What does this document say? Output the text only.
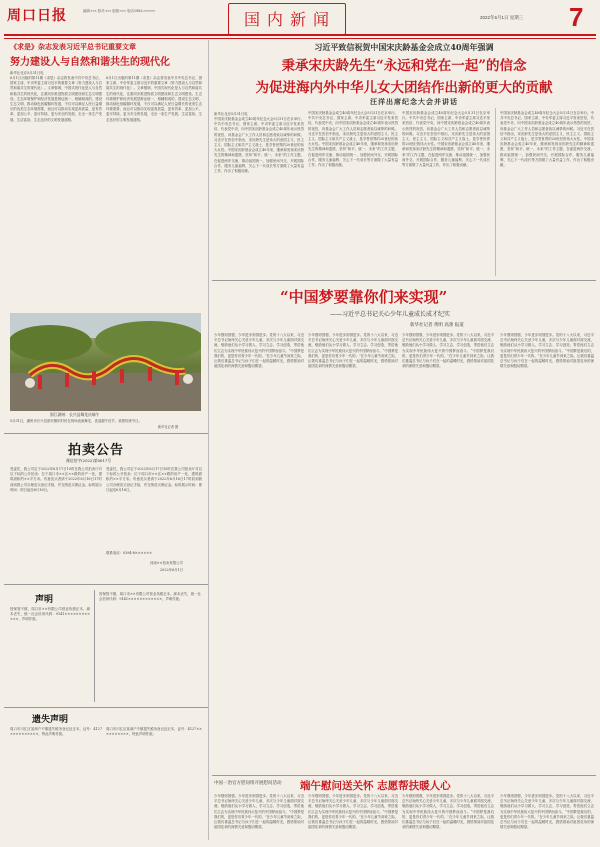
周口日报	编辑:××× 校对:××× 组版:××× 电话:0394-××××××	国内新闻	2022年6月1日 星期三 7
《求是》杂志发表习近平总书记重要文章
努力建设人与自然和谐共生的现代化
新华社北京5月31日电
6月1日出版的第11期《求是》杂志将发表中共中央总书记、国家主席、中央军委主席习近平的重要文章《努力建设人与自然和谐共生的现代化》。文章强调，中国式现代化是人与自然和谐共生的现代化，注重同步推进物质文明建设和生态文明建设。生态环境保护和经济发展是辩证统一、相辅相成的，建设生态文明、推动绿色低碳循环发展，不仅可以满足人民日益增长的优美生态环境需要，而且可以推动实现更高质量、更有效率、更加公平、更可持续、更为安全的发展，走出一条生产发展、生活富裕、生态良好的文明发展道路。
6月1日出版的第11期《求是》杂志将发表中共中央总书记、国家主席、中央军委主席习近平的重要文章《努力建设人与自然和谐共生的现代化》。文章强调，中国式现代化是人与自然和谐共生的现代化，注重同步推进物质文明建设和生态文明建设。生态环境保护和经济发展是辩证统一、相辅相成的，建设生态文明、推动绿色低碳循环发展，不仅可以满足人民日益增长的优美生态环境需要，而且可以推动实现更高质量、更有效率、更加公平、更可持续、更为安全的发展，走出一条生产发展、生活富裕、生态良好的文明发展道路。
浙江湖州：长兴县舞龙庆端午
5月31日，湖州市长兴县泗安镇的村民在现场表演舞龙，喜迎端午佳节，欢度传统节日。
新华社记者 摄
拍卖公告
豫信拍字(2022)第0617号
受委托，我公司定于2022年6月17日10时在我公司拍卖厅对以下标的公开拍卖：位于周口市××区××路的房产一处，建筑面积约××平方米。有意竞买者请于2022年6月16日17时前到我公司办理竞买登记手续，并交纳竞买保证金。标的展示时间：即日起至6月16日。
受委托，我公司定于2022年6月17日10时在我公司拍卖厅对以下标的公开拍卖：位于周口市××区××路的房产一处，建筑面积约××平方米。有意竞买者请于2022年6月16日17时前到我公司办理竞买登记手续，并交纳竞买保证金。标的展示时间：即日起至6月16日。
联系电话：0394-8××××××
河南××拍卖有限公司
2022年6月1日
声明
因保管不慎，周口市××有限公司营业执照正本、副本丢失，统一社会信用代码：9141××××××××××××，声明作废。
因保管不慎，周口市××有限公司营业执照正本、副本丢失，统一社会信用代码：9141××××××××××××，声明作废。
遗失声明
周口市川汇区某商户不慎遗失税务登记证正本，证号：4127××××××××××，特此声明作废。
周口市川汇区某商户不慎遗失税务登记证正本，证号：4127××××××××××，特此声明作废。
习近平致信祝贺中国宋庆龄基金会成立40周年强调
秉承宋庆龄先生“永远和党在一起”的信念
为促进海内外中华儿女大团结作出新的更大的贡献
汪洋出席纪念大会并讲话
新华社北京5月31日电
中国宋庆龄基金会成立40周年纪念大会5月31日在京举行。中共中央总书记、国家主席、中央军委主席习近平发来贺信，代表党中央，向中国宋庆龄基金会成立40周年表示热烈的祝贺，向基金会广大工作人员和志愿者致以诚挚的问候。习近平在贺信中指出，宋庆龄先生是伟大的爱国主义、民主主义、国际主义和共产主义战士，是享誉世界的20世纪的伟大女性。中国宋庆龄基金会成立40年来，继承和发扬宋庆龄先生的精神和遗愿，坚持“和平、统一、未来”的工作主题，在促进两岸交流、推动祖国统一，加强民间外交、开展国际合作，服务儿童福利、关心下一代成长等方面做了大量有益工作，作出了积极贡献。
中国宋庆龄基金会成立40周年纪念大会5月31日在京举行。中共中央总书记、国家主席、中央军委主席习近平发来贺信，代表党中央，向中国宋庆龄基金会成立40周年表示热烈的祝贺，向基金会广大工作人员和志愿者致以诚挚的问候。习近平在贺信中指出，宋庆龄先生是伟大的爱国主义、民主主义、国际主义和共产主义战士，是享誉世界的20世纪的伟大女性。中国宋庆龄基金会成立40年来，继承和发扬宋庆龄先生的精神和遗愿，坚持“和平、统一、未来”的工作主题，在促进两岸交流、推动祖国统一，加强民间外交、开展国际合作，服务儿童福利、关心下一代成长等方面做了大量有益工作，作出了积极贡献。
中国宋庆龄基金会成立40周年纪念大会5月31日在京举行。中共中央总书记、国家主席、中央军委主席习近平发来贺信，代表党中央，向中国宋庆龄基金会成立40周年表示热烈的祝贺，向基金会广大工作人员和志愿者致以诚挚的问候。习近平在贺信中指出，宋庆龄先生是伟大的爱国主义、民主主义、国际主义和共产主义战士，是享誉世界的20世纪的伟大女性。中国宋庆龄基金会成立40年来，继承和发扬宋庆龄先生的精神和遗愿，坚持“和平、统一、未来”的工作主题，在促进两岸交流、推动祖国统一，加强民间外交、开展国际合作，服务儿童福利、关心下一代成长等方面做了大量有益工作，作出了积极贡献。
中国宋庆龄基金会成立40周年纪念大会5月31日在京举行。中共中央总书记、国家主席、中央军委主席习近平发来贺信，代表党中央，向中国宋庆龄基金会成立40周年表示热烈的祝贺，向基金会广大工作人员和志愿者致以诚挚的问候。习近平在贺信中指出，宋庆龄先生是伟大的爱国主义、民主主义、国际主义和共产主义战士，是享誉世界的20世纪的伟大女性。中国宋庆龄基金会成立40年来，继承和发扬宋庆龄先生的精神和遗愿，坚持“和平、统一、未来”的工作主题，在促进两岸交流、推动祖国统一，加强民间外交、开展国际合作，服务儿童福利、关心下一代成长等方面做了大量有益工作，作出了积极贡献。
“中国梦要靠你们来实现”
——习近平总书记关心少年儿童成长成才纪实
新华社记者 黄明 高蕾 报道
少年强则国强，少年进步则国进步。党的十八大以来，习近平总书记始终关心关爱少年儿童，多次与少年儿童面对面交流，勉励他们从小学习做人、学习立志、学习创造，寄语他们立志为实现中华民族伟大复兴的中国梦而奋斗。“中国梦是我们的，更是你们青少年一代的。”在少年儿童节到来之际，让我们重温总书记与孩子们在一起的温暖时光，感悟领袖对祖国花朵的深情关爱和殷切期望。
少年强则国强，少年进步则国进步。党的十八大以来，习近平总书记始终关心关爱少年儿童，多次与少年儿童面对面交流，勉励他们从小学习做人、学习立志、学习创造，寄语他们立志为实现中华民族伟大复兴的中国梦而奋斗。“中国梦是我们的，更是你们青少年一代的。”在少年儿童节到来之际，让我们重温总书记与孩子们在一起的温暖时光，感悟领袖对祖国花朵的深情关爱和殷切期望。
少年强则国强，少年进步则国进步。党的十八大以来，习近平总书记始终关心关爱少年儿童，多次与少年儿童面对面交流，勉励他们从小学习做人、学习立志、学习创造，寄语他们立志为实现中华民族伟大复兴的中国梦而奋斗。“中国梦是我们的，更是你们青少年一代的。”在少年儿童节到来之际，让我们重温总书记与孩子们在一起的温暖时光，感悟领袖对祖国花朵的深情关爱和殷切期望。
少年强则国强，少年进步则国进步。党的十八大以来，习近平总书记始终关心关爱少年儿童，多次与少年儿童面对面交流，勉励他们从小学习做人、学习立志、学习创造，寄语他们立志为实现中华民族伟大复兴的中国梦而奋斗。“中国梦是我们的，更是你们青少年一代的。”在少年儿童节到来之际，让我们重温总书记与孩子们在一起的温暖时光，感悟领袖对祖国花朵的深情关爱和殷切期望。
中国一冶官方慰问组开展慰问活动 端午慰问送关怀 志愿帮扶暖人心
少年强则国强，少年进步则国进步。党的十八大以来，习近平总书记始终关心关爱少年儿童，多次与少年儿童面对面交流，勉励他们从小学习做人、学习立志、学习创造，寄语他们立志为实现中华民族伟大复兴的中国梦而奋斗。“中国梦是我们的，更是你们青少年一代的。”在少年儿童节到来之际，让我们重温总书记与孩子们在一起的温暖时光，感悟领袖对祖国花朵的深情关爱和殷切期望。
少年强则国强，少年进步则国进步。党的十八大以来，习近平总书记始终关心关爱少年儿童，多次与少年儿童面对面交流，勉励他们从小学习做人、学习立志、学习创造，寄语他们立志为实现中华民族伟大复兴的中国梦而奋斗。“中国梦是我们的，更是你们青少年一代的。”在少年儿童节到来之际，让我们重温总书记与孩子们在一起的温暖时光，感悟领袖对祖国花朵的深情关爱和殷切期望。
少年强则国强，少年进步则国进步。党的十八大以来，习近平总书记始终关心关爱少年儿童，多次与少年儿童面对面交流，勉励他们从小学习做人、学习立志、学习创造，寄语他们立志为实现中华民族伟大复兴的中国梦而奋斗。“中国梦是我们的，更是你们青少年一代的。”在少年儿童节到来之际，让我们重温总书记与孩子们在一起的温暖时光，感悟领袖对祖国花朵的深情关爱和殷切期望。
少年强则国强，少年进步则国进步。党的十八大以来，习近平总书记始终关心关爱少年儿童，多次与少年儿童面对面交流，勉励他们从小学习做人、学习立志、学习创造，寄语他们立志为实现中华民族伟大复兴的中国梦而奋斗。“中国梦是我们的，更是你们青少年一代的。”在少年儿童节到来之际，让我们重温总书记与孩子们在一起的温暖时光，感悟领袖对祖国花朵的深情关爱和殷切期望。
